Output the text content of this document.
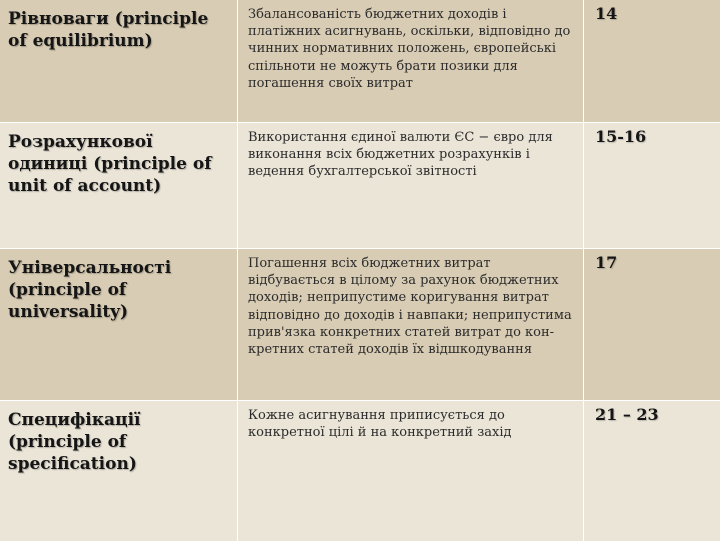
Рівноваги (principle of equilibrium)
Збалансованість бюджетних доходів і платіжних асигнувань, оскільки, відповідно до чинних нормативних положень, європейські спільноти не можуть брати позики для погашення своїх витрат
14
Розрахункової одиниці (principle of unit of account)
Використання єдиної валюти ЄС − євро для виконання всіх бюджетних розрахунків і ведення бухгалтерської звітності
15-16
Універсальності (principle of universality)
Погашення всіх бюджетних витрат відбувається в цілому за рахунок бюджетних доходів; неприпустиме коригування витрат відповідно до доходів і навпаки; неприпустима прив'язка конкретних статей витрат до кон- кретних статей доходів їх відшкодування
17
Специфікації (principle of specification)
Кожне асигнування приписується до конкретної цілі й на конкретний захід
21 – 23
